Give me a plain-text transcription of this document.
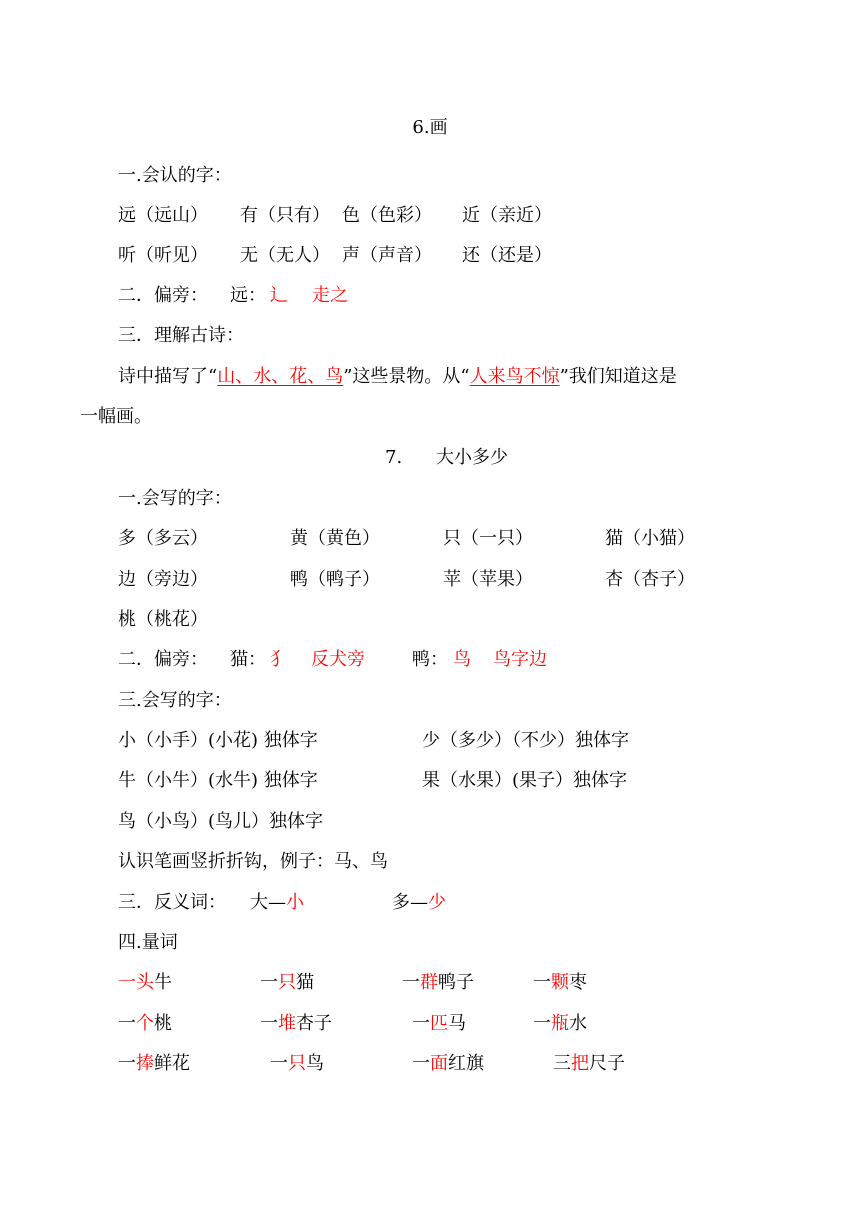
6.画
一.会认的字：
远（远山） 有（只有） 色（色彩） 近（亲近）
听（听见） 无（无人） 声（声音） 还（还是）
二．偏旁： 远： 辶 走之
三．理解古诗：
诗中描写了“山、水、花、鸟”这些景物。从“人来鸟不惊”我们知道这是
一幅画。
7. 大小多少
一.会写的字：
多（多云）	黄（黄色）	只（一只）	猫（小猫）
边（旁边）	鸭（鸭子）	苹（苹果）	杏（杏子）
桃（桃花）
二．偏旁： 猫： 犭 反犬旁	鸭： 鸟 鸟字边
三.会写的字：
小（小手）(小花) 独体字	少（多少）（不少）独体字
牛（小牛）(水牛) 独体字	果（水果）(果子）独体字
鸟（小鸟）(鸟儿）独体字
认识笔画竖折折钩，例子：马、鸟
三．反义词： 大—小	多—少
四.量词
一头牛	一只猫	一群鸭子	一颗枣
一个桃	一堆杏子	一匹马	一瓶水
一捧鲜花	一只鸟	一面红旗	三把尺子
